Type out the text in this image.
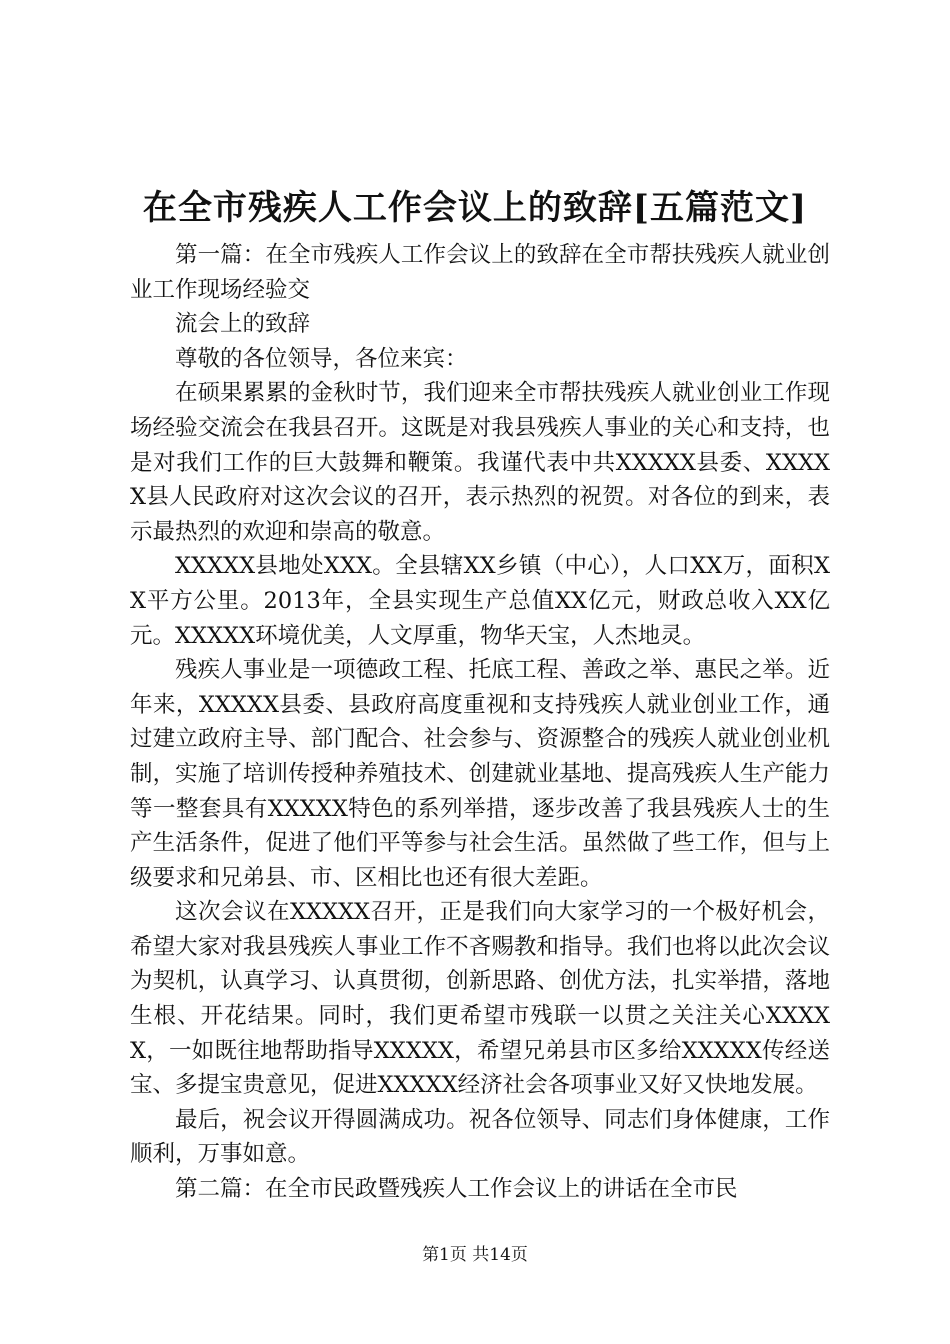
在全市残疾人工作会议上的致辞[五篇范文]

第一篇：在全市残疾人工作会议上的致辞在全市帮扶残疾人就业创业工作现场经验交

流会上的致辞

尊敬的各位领导，各位来宾：

在硕果累累的金秋时节，我们迎来全市帮扶残疾人就业创业工作现场经验交流会在我县召开。这既是对我县残疾人事业的关心和支持，也是对我们工作的巨大鼓舞和鞭策。我谨代表中共XXXXX县委、XXXXX县人民政府对这次会议的召开，表示热烈的祝贺。对各位的到来，表示最热烈的欢迎和崇高的敬意。

XXXXX县地处XXX。全县辖XX乡镇（中心），人口XX万，面积XX平方公里。2013年，全县实现生产总值XX亿元，财政总收入XX亿元。XXXXX环境优美，人文厚重，物华天宝，人杰地灵。

残疾人事业是一项德政工程、托底工程、善政之举、惠民之举。近年来，XXXXX县委、县政府高度重视和支持残疾人就业创业工作，通过建立政府主导、部门配合、社会参与、资源整合的残疾人就业创业机制，实施了培训传授种养殖技术、创建就业基地、提高残疾人生产能力等一整套具有XXXXX特色的系列举措，逐步改善了我县残疾人士的生产生活条件，促进了他们平等参与社会生活。虽然做了些工作，但与上级要求和兄弟县、市、区相比也还有很大差距。

这次会议在XXXXX召开，正是我们向大家学习的一个极好机会，希望大家对我县残疾人事业工作不吝赐教和指导。我们也将以此次会议为契机，认真学习、认真贯彻，创新思路、创优方法，扎实举措，落地生根、开花结果。同时，我们更希望市残联一以贯之关注关心XXXXX，一如既往地帮助指导XXXXX，希望兄弟县市区多给XXXXX传经送宝、多提宝贵意见，促进XXXXX经济社会各项事业又好又快地发展。

最后，祝会议开得圆满成功。祝各位领导、同志们身体健康，工作顺利，万事如意。

第二篇：在全市民政暨残疾人工作会议上的讲话在全市民

第1页 共14页
